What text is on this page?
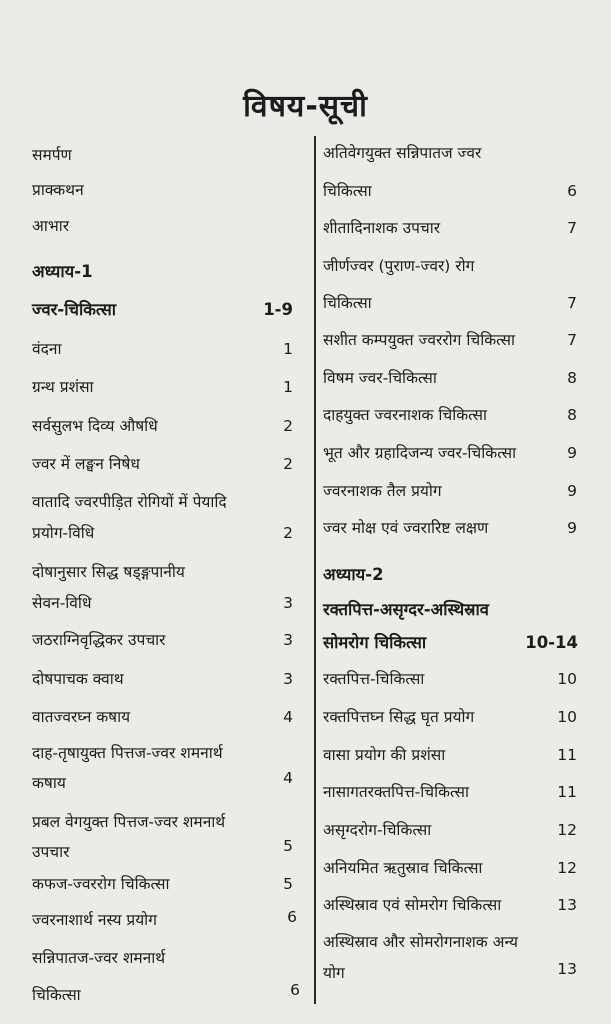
विषय-सूची
समर्पण
प्राक्कथन
आभार
अध्याय-1
ज्वर-चिकित्सा	1-9
वंदना	1
ग्रन्थ प्रशंसा	1
सर्वसुलभ दिव्य औषधि	2
ज्वर में लङ्घन निषेध	2
वातादि ज्वरपीड़ित रोगियों में पेयादि
प्रयोग-विधि	2
दोषानुसार सिद्ध षड्ङ्गपानीय
सेवन-विधि	3
जठराग्निवृद्धिकर उपचार	3
दोषपाचक क्वाथ	3
वातज्वरघ्न कषाय	4
दाह-तृषायुक्त पित्तज-ज्वर शमनार्थ
कषाय	4
प्रबल वेगयुक्त पित्तज-ज्वर शमनार्थ
उपचार	5
कफज-ज्वररोग चिकित्सा	5
ज्वरनाशार्थ नस्य प्रयोग	6
सन्निपातज-ज्वर शमनार्थ
चिकित्सा	6
अतिवेगयुक्त सन्निपातज ज्वर
चिकित्सा	6
शीतादिनाशक उपचार	7
जीर्णज्वर (पुराण-ज्वर) रोग
चिकित्सा	7
सशीत कम्पयुक्त ज्वररोग चिकित्सा	7
विषम ज्वर-चिकित्सा	8
दाहयुक्त ज्वरनाशक चिकित्सा	8
भूत और ग्रहादिजन्य ज्वर-चिकित्सा	9
ज्वरनाशक तैल प्रयोग	9
ज्वर मोक्ष एवं ज्वरारिष्ट लक्षण	9
अध्याय-2
रक्तपित्त-असृग्दर-अस्थिस्राव
सोमरोग चिकित्सा	10-14
रक्तपित्त-चिकित्सा	10
रक्तपित्तघ्न सिद्ध घृत प्रयोग	10
वासा प्रयोग की प्रशंसा	11
नासागतरक्तपित्त-चिकित्सा	11
असृग्दरोग-चिकित्सा	12
अनियमित ऋतुस्राव चिकित्सा	12
अस्थिस्राव एवं सोमरोग चिकित्सा	13
अस्थिस्राव और सोमरोगनाशक अन्य
योग	13
